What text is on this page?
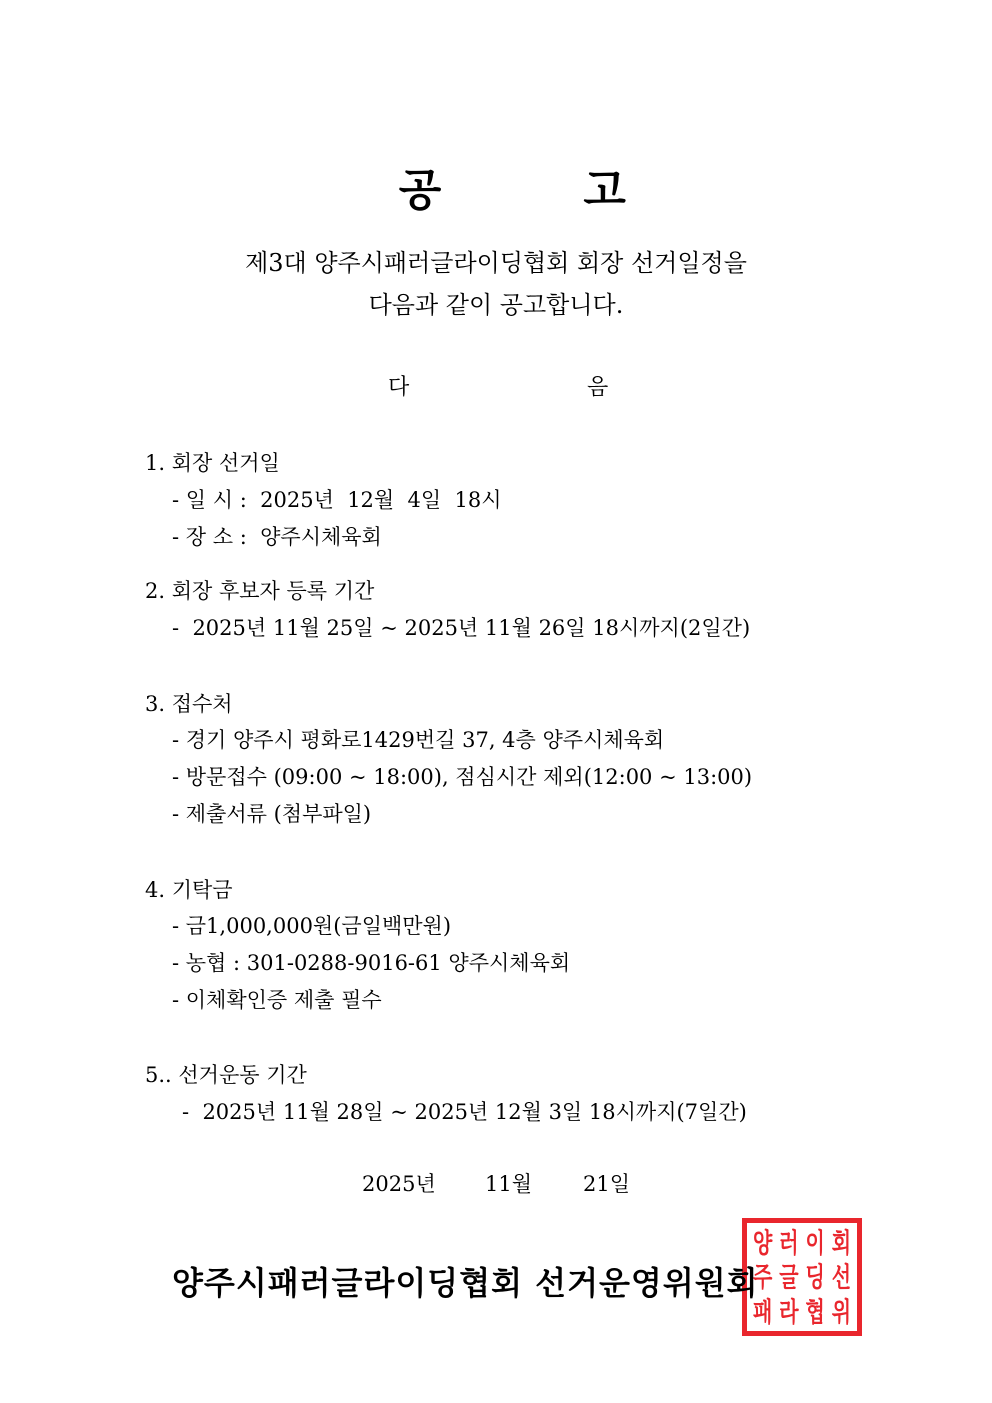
공	고

제3대 양주시패러글라이딩협회 회장 선거일정을
다음과 같이 공고합니다.
다	음
1. 회장 선거일
- 일 시 :  2025년  12월  4일  18시
- 장 소 :  양주시체육회
2. 회장 후보자 등록 기간
-  2025년 11월 25일 ~ 2025년 11월 26일 18시까지(2일간)
3. 접수처
- 경기 양주시 평화로1429번길 37, 4층 양주시체육회
- 방문접수 (09:00 ~ 18:00), 점심시간 제외(12:00 ~ 13:00)
- 제출서류 (첨부파일)
4. 기탁금
- 금1,000,000원(금일백만원)
- 농협 : 301-0288-9016-61 양주시체육회
- 이체확인증 제출 필수
5.. 선거운동 기간
-  2025년 11월 28일 ~ 2025년 12월 3일 18시까지(7일간)
2025년 11월 21일
양 러 이 회
주 글 딩 선
패 라 협 위
양주시패러글라이딩협회 선거운영위원회
